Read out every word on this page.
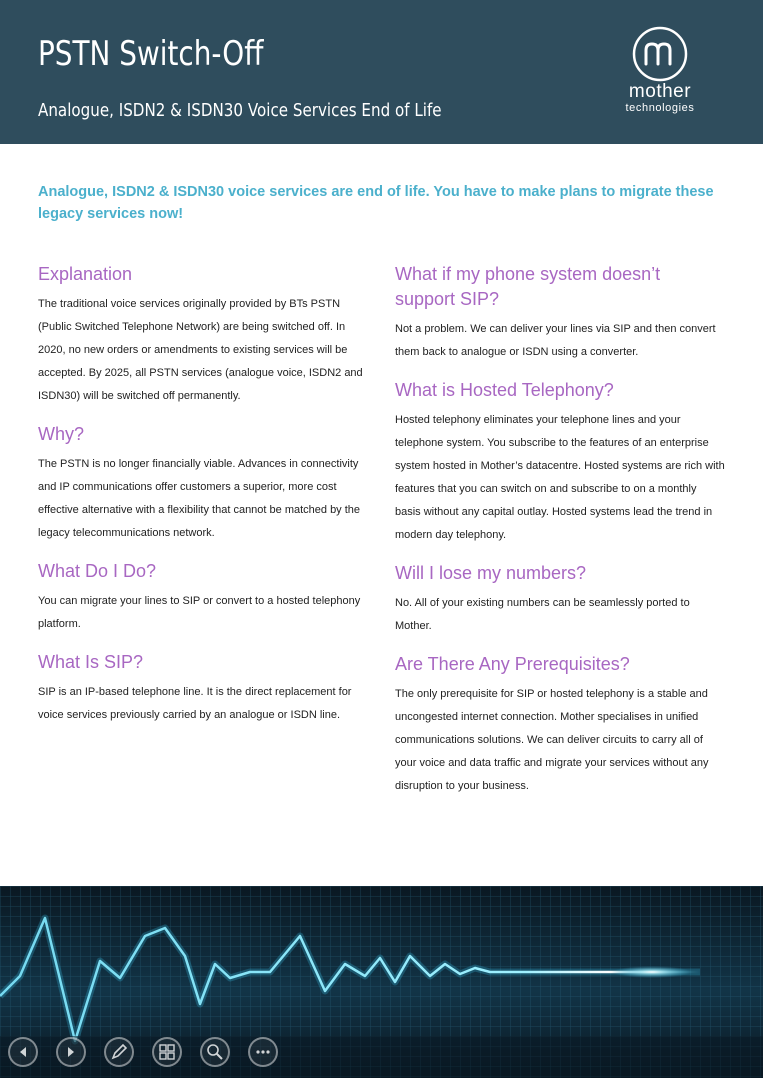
PSTN Switch-Off
Analogue, ISDN2 & ISDN30 Voice Services End of Life
mother
technologies

Analogue, ISDN2 & ISDN30 voice services are end of life. You have to make plans to migrate these legacy services now!

Explanation

The traditional voice services originally provided by BTs PSTN (Public Switched Telephone Network) are being switched off. In 2020, no new orders or amendments to existing services will be accepted. By 2025, all PSTN services (analogue voice, ISDN2 and ISDN30) will be switched off permanently.

Why?

The PSTN is no longer financially viable. Advances in connectivity and IP communications offer customers a superior, more cost effective alternative with a flexibility that cannot be matched by the legacy telecommunications network.

What Do I Do?

You can migrate your lines to SIP or convert to a hosted telephony platform.

What Is SIP?

SIP is an IP-based telephone line. It is the direct replacement for voice services previously carried by an analogue or ISDN line.

What if my phone system doesn’t support SIP?

Not a problem. We can deliver your lines via SIP and then convert them back to analogue or ISDN using a converter.

What is Hosted Telephony?

Hosted telephony eliminates your telephone lines and your telephone system. You subscribe to the features of an enterprise system hosted in Mother’s datacentre. Hosted systems are rich with features that you can switch on and subscribe to on a monthly basis without any capital outlay. Hosted systems lead the trend in modern day telephony.

Will I lose my numbers?

No. All of your existing numbers can be seamlessly ported to Mother.

Are There Any Prerequisites?

The only prerequisite for SIP or hosted telephony is a stable and uncongested internet connection. Mother specialises in unified communications solutions. We can deliver circuits to carry all of your voice and data traffic and migrate your services without any disruption to your business.
